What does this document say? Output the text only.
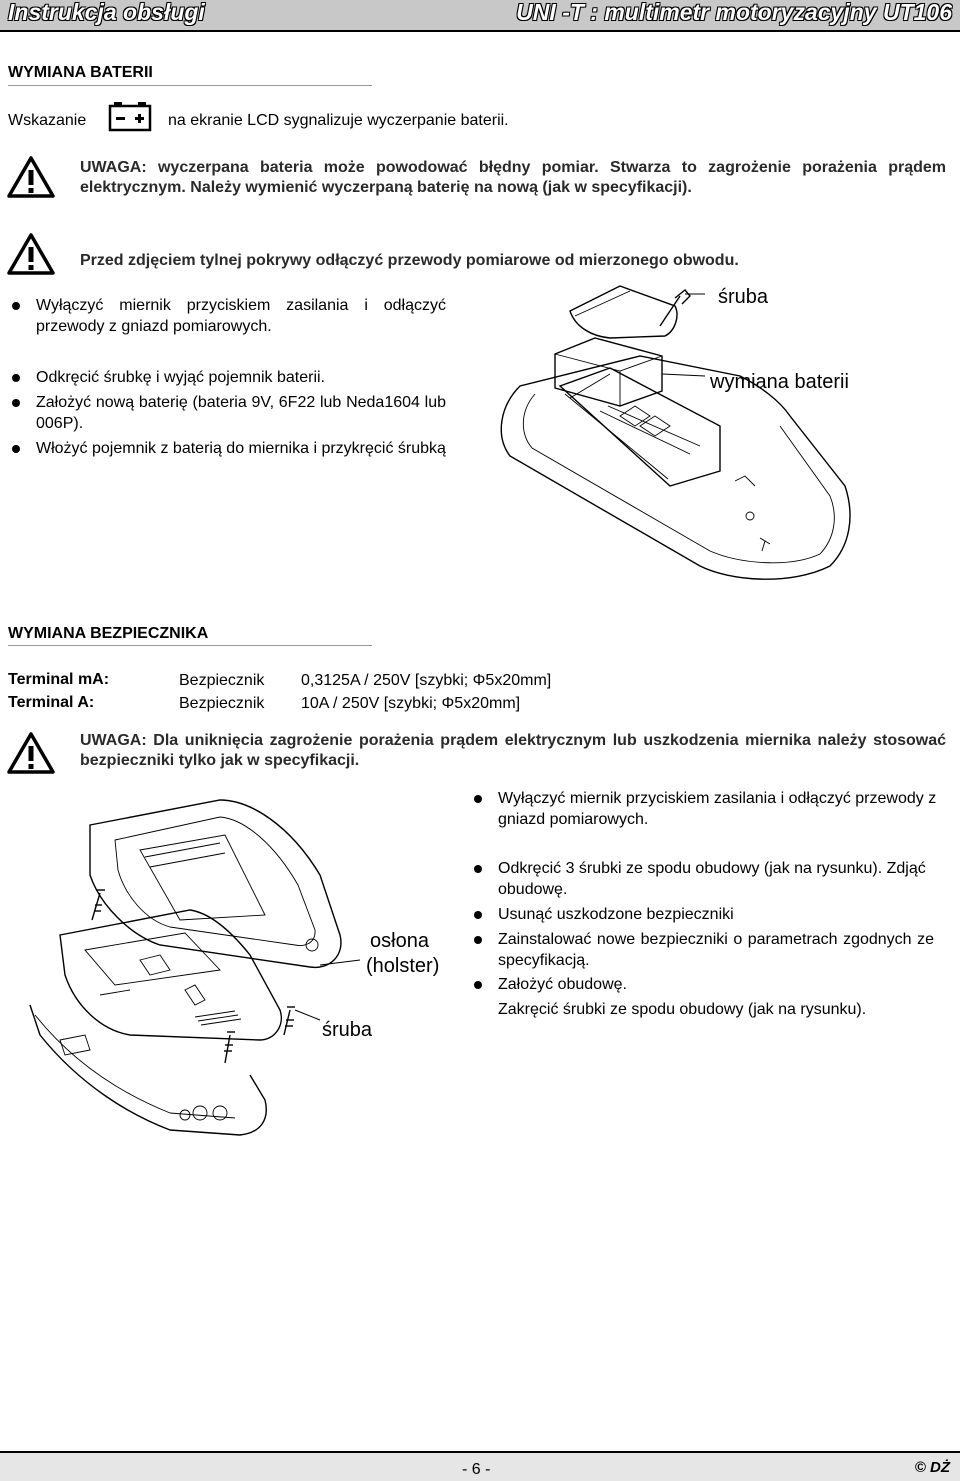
Instrukcja obsługi	UNI -T : multimetr motoryzacyjny UT106
WYMIANA BATERII
Wskazanie	na ekranie LCD sygnalizuje wyczerpanie baterii.
UWAGA: wyczerpana bateria może powodować błędny pomiar. Stwarza to zagrożenie porażenia prądem elektrycznym. Należy wymienić wyczerpaną baterię na nową (jak w specyfikacji).
Przed zdjęciem tylnej pokrywy odłączyć przewody pomiarowe od mierzonego obwodu.
Wyłączyć miernik przyciskiem zasilania i odłączyć przewody z gniazd pomiarowych.
Odkręcić śrubkę i wyjąć pojemnik baterii.
Założyć nową baterię (bateria 9V, 6F22 lub Neda1604 lub 006P).
Włożyć pojemnik z baterią do miernika i przykręcić śrubką
śruba
wymiana baterii
WYMIANA BEZPIECZNIKA
Terminal mA:	Bezpiecznik 0,3125A / 250V [szybki; Φ5x20mm]
Terminal A:	Bezpiecznik 10A / 250V [szybki; Φ5x20mm]
UWAGA: Dla uniknięcia zagrożenie porażenia prądem elektrycznym lub uszkodzenia miernika należy stosować bezpieczniki tylko jak w specyfikacji.
Wyłączyć miernik przyciskiem zasilania i odłączyć przewody z gniazd pomiarowych.
Odkręcić 3 śrubki ze spodu obudowy (jak na rysunku). Zdjąć obudowę.
Usunąć uszkodzone bezpieczniki
Zainstalować nowe bezpieczniki o parametrach zgodnych ze specyfikacją.
Założyć obudowę.
Zakręcić śrubki ze spodu obudowy (jak na rysunku).
osłona
(holster)
śruba
- 6 -	© DŻ
